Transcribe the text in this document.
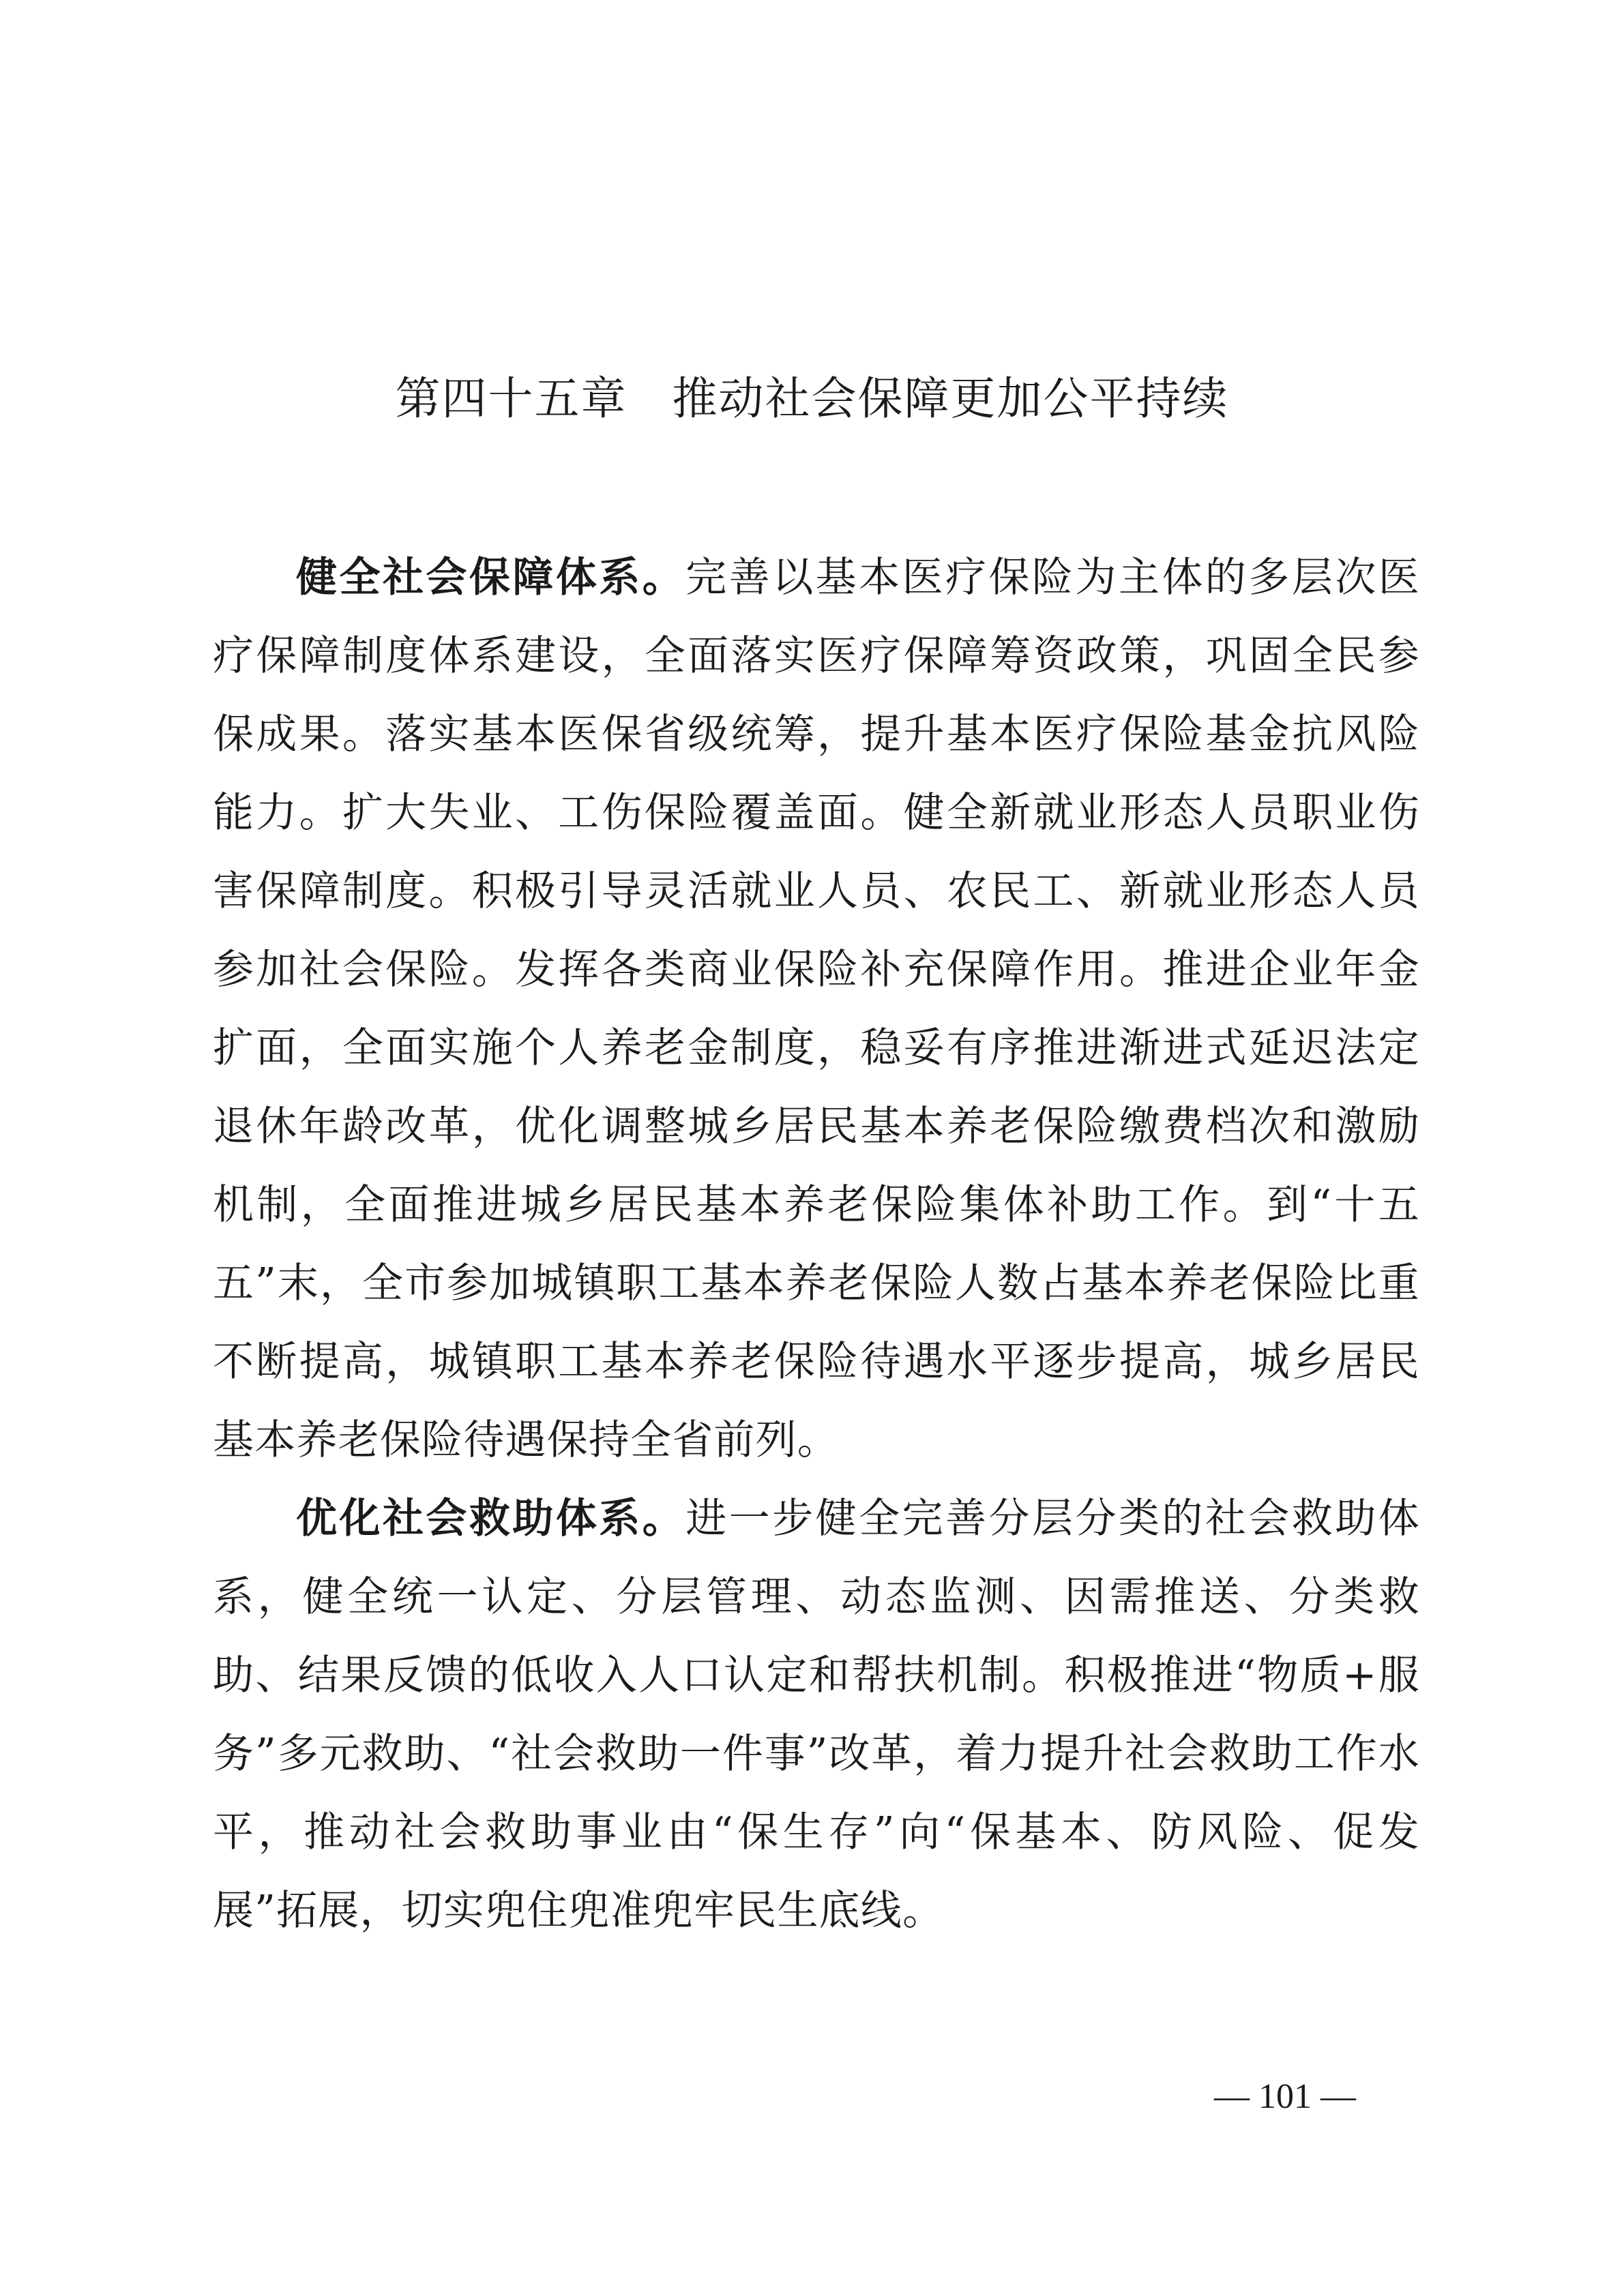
第四十五章 推动社会保障更加公平持续

健全社会保障体系。完善以基本医疗保险为主体的多层次医疗保障制度体系建设，全面落实医疗保障筹资政策，巩固全民参保成果。落实基本医保省级统筹，提升基本医疗保险基金抗风险能力。扩大失业、工伤保险覆盖面。健全新就业形态人员职业伤害保障制度。积极引导灵活就业人员、农民工、新就业形态人员参加社会保险。发挥各类商业保险补充保障作用。推进企业年金扩面，全面实施个人养老金制度，稳妥有序推进渐进式延迟法定退休年龄改革，优化调整城乡居民基本养老保险缴费档次和激励机制，全面推进城乡居民基本养老保险集体补助工作。到“十五五”末，全市参加城镇职工基本养老保险人数占基本养老保险比重不断提高，城镇职工基本养老保险待遇水平逐步提高，城乡居民基本养老保险待遇保持全省前列。

优化社会救助体系。进一步健全完善分层分类的社会救助体系，健全统一认定、分层管理、动态监测、因需推送、分类救助、结果反馈的低收入人口认定和帮扶机制。积极推进“物质+服务”多元救助、“社会救助一件事”改革，着力提升社会救助工作水平，推动社会救助事业由“保生存”向“保基本、防风险、促发展”拓展，切实兜住兜准兜牢民生底线。

— 101 —
